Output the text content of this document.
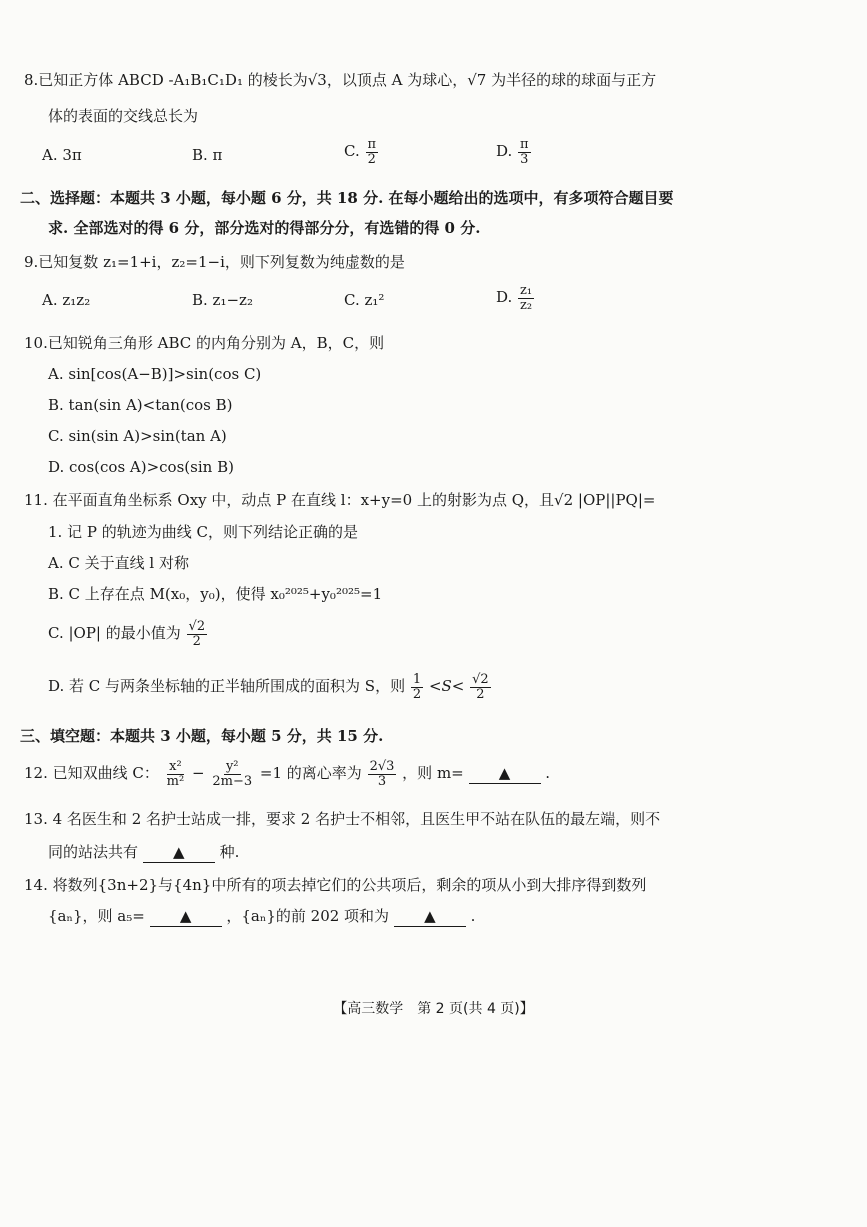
8.已知正方体 ABCD -A₁B₁C₁D₁ 的棱长为√3，以顶点 A 为球心，√7 为半径的球的球面与正方
体的表面的交线总长为
A. 3π	B. π	C. $\frac{\pi}{2}$	D. $\frac{\pi}{3}$
二、选择题：本题共 3 小题，每小题 6 分，共 18 分. 在每小题给出的选项中，有多项符合题目要
求. 全部选对的得 6 分，部分选对的得部分分，有选错的得 0 分.
9.已知复数 z₁=1+i，z₂=1−i，则下列复数为纯虚数的是
A. z₁z₂	B. z₁−z₂	C. z₁²	D. $\frac{\text{z₁}}{\text{z₂}}$
10.已知锐角三角形 ABC 的内角分别为 A，B，C，则
A. sin[cos(A−B)]>sin(cos C)
B. tan(sin A)<tan(cos B)
C. sin(sin A)>sin(tan A)
D. cos(cos A)>cos(sin B)
11. 在平面直角坐标系 Oxy 中，动点 P 在直线 l：x+y=0 上的射影为点 Q，且√2 |OP||PQ|=
1. 记 P 的轨迹为曲线 C，则下列结论正确的是
A. C 关于直线 l 对称
B. C 上存在点 M(x₀，y₀)，使得 x₀²⁰²⁵+y₀²⁰²⁵=1
C. |OP| 的最小值为 $\frac{√2}{2}$
D. 若 C 与两条坐标轴的正半轴所围成的面积为 S，则 $\frac{1}{2} <S< \frac{√2}{2}$
三、填空题：本题共 3 小题，每小题 5 分，共 15 分.
12. 已知双曲线 C： $\frac{\text{x²}}{\text{m²}} - \frac{\text{y²}}{2m-3} =1$ 的离心率为 $\frac{2√3}{3}$ ，则 m= ▲ .
13. 4 名医生和 2 名护士站成一排，要求 2 名护士不相邻，且医生甲不站在队伍的最左端，则不
同的站法共有 ▲ 种.
14. 将数列{3n+2}与{4n}中所有的项去掉它们的公共项后，剩余的项从小到大排序得到数列
{aₙ}，则 a₅= ▲ ，{aₙ}的前 202 项和为 ▲ .
【高三数学　第 2 页(共 4 页)】
